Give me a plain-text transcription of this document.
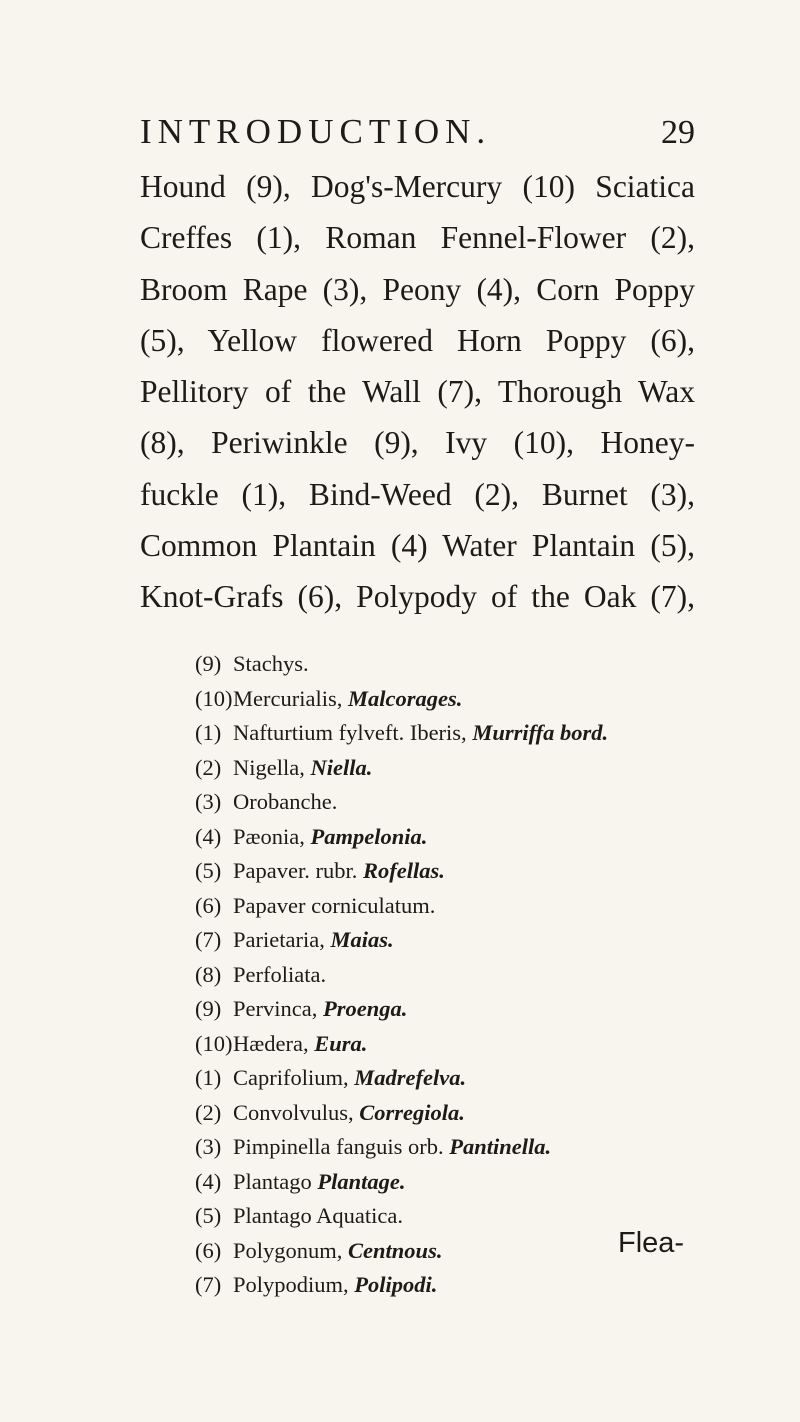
INTRODUCTION.	29
Hound (9), Dog's-Mercury (10) Sciatica
Creffes (1), Roman Fennel-Flower (2),
Broom Rape (3), Peony (4), Corn Poppy
(5), Yellow flowered Horn Poppy (6),
Pellitory of the Wall (7), Thorough Wax
(8), Periwinkle (9), Ivy (10), Honey-
fuckle (1), Bind-Weed (2), Burnet (3),
Common Plantain (4) Water Plantain (5),
Knot-Grafs (6), Polypody of the Oak (7),
(9) Stachys.
(10)Mercurialis, Malcorages.
(1) Nafturtium fylveft. Iberis, Murriffa bord.
(2) Nigella, Niella.
(3) Orobanche.
(4) Pæonia, Pampelonia.
(5) Papaver. rubr. Rofellas.
(6) Papaver corniculatum.
(7) Parietaria, Maias.
(8) Perfoliata.
(9) Pervinca, Proenga.
(10)Hædera, Eura.
(1) Caprifolium, Madrefelva.
(2) Convolvulus, Corregiola.
(3) Pimpinella fanguis orb. Pantinella.
(4) Plantago Plantage.
(5) Plantago Aquatica.
(6) Polygonum, Centnous.
(7) Polypodium, Polipodi.
Flea-
